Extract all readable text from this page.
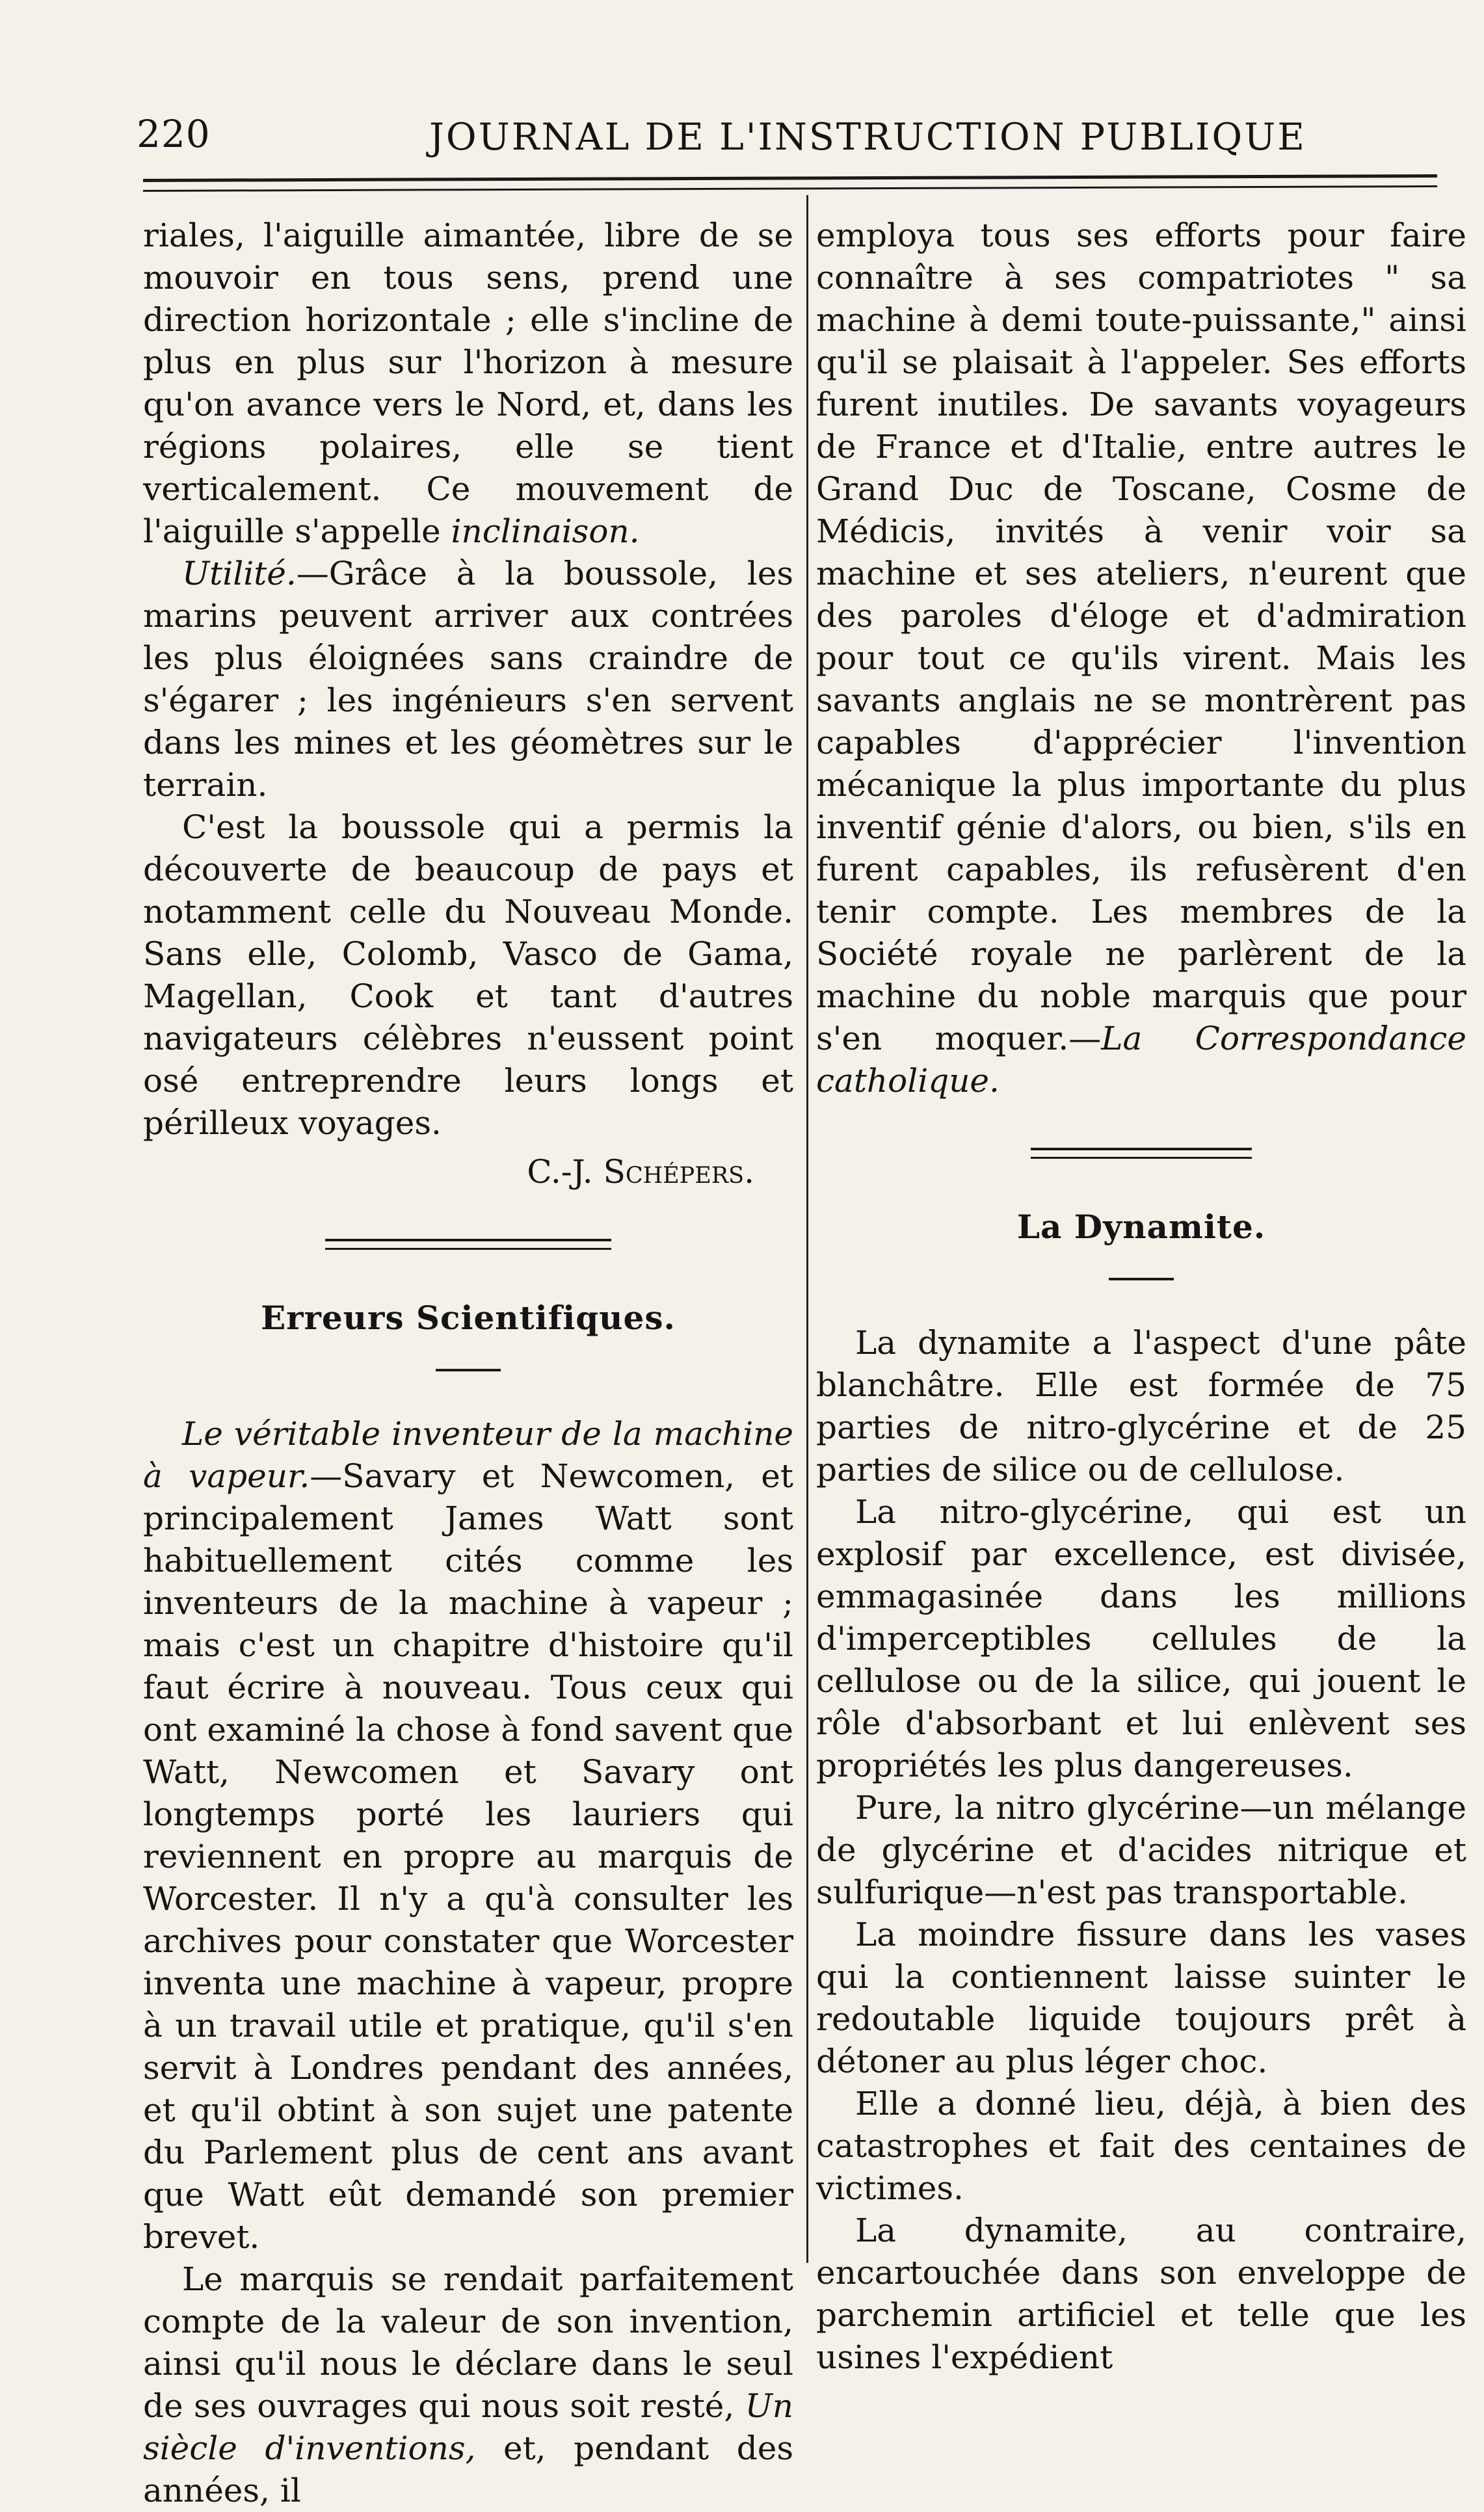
220	JOURNAL DE L'INSTRUCTION PUBLIQUE

riales, l'aiguille aimantée, libre de se mouvoir en tous sens, prend une direction horizontale ; elle s'incline de plus en plus sur l'horizon à mesure qu'on avance vers le Nord, et, dans les régions polaires, elle se tient verticalement. Ce mouvement de l'aiguille s'appelle inclinaison.

Utilité.—Grâce à la boussole, les marins peuvent arriver aux contrées les plus éloignées sans craindre de s'égarer ; les ingénieurs s'en servent dans les mines et les géomètres sur le terrain.

C'est la boussole qui a permis la découverte de beaucoup de pays et notamment celle du Nouveau Monde. Sans elle, Colomb, Vasco de Gama, Magellan, Cook et tant d'autres navigateurs célèbres n'eussent point osé entreprendre leurs longs et périlleux voyages.

C.-J. Schépers.

Erreurs Scientifiques.

Le véritable inventeur de la machine à vapeur.—Savary et Newcomen, et principalement James Watt sont habituellement cités comme les inventeurs de la machine à vapeur ; mais c'est un chapitre d'histoire qu'il faut écrire à nouveau. Tous ceux qui ont examiné la chose à fond savent que Watt, Newcomen et Savary ont longtemps porté les lauriers qui reviennent en propre au marquis de Worcester. Il n'y a qu'à consulter les archives pour constater que Worcester inventa une machine à vapeur, propre à un travail utile et pratique, qu'il s'en servit à Londres pendant des années, et qu'il obtint à son sujet une patente du Parlement plus de cent ans avant que Watt eût demandé son premier brevet.

Le marquis se rendait parfaitement compte de la valeur de son invention, ainsi qu'il nous le déclare dans le seul de ses ouvrages qui nous soit resté, Un siècle d'inventions, et, pendant des années, il

employa tous ses efforts pour faire connaître à ses compatriotes " sa machine à demi toute-puissante," ainsi qu'il se plaisait à l'appeler. Ses efforts furent inutiles. De savants voyageurs de France et d'Italie, entre autres le Grand Duc de Toscane, Cosme de Médicis, invités à venir voir sa machine et ses ateliers, n'eurent que des paroles d'éloge et d'admiration pour tout ce qu'ils virent. Mais les savants anglais ne se montrèrent pas capables d'apprécier l'invention mécanique la plus importante du plus inventif génie d'alors, ou bien, s'ils en furent capables, ils refusèrent d'en tenir compte. Les membres de la Société royale ne parlèrent de la machine du noble marquis que pour s'en moquer.—La Correspondance catholique.

La Dynamite.

La dynamite a l'aspect d'une pâte blanchâtre. Elle est formée de 75 parties de nitro-glycérine et de 25 parties de silice ou de cellulose.

La nitro-glycérine, qui est un explosif par excellence, est divisée, emmagasinée dans les millions d'imperceptibles cellules de la cellulose ou de la silice, qui jouent le rôle d'absorbant et lui enlèvent ses propriétés les plus dangereuses.

Pure, la nitro glycérine—un mélange de glycérine et d'acides nitrique et sulfurique—n'est pas transportable.

La moindre fissure dans les vases qui la contiennent laisse suinter le redoutable liquide toujours prêt à détoner au plus léger choc.

Elle a donné lieu, déjà, à bien des catastrophes et fait des centaines de victimes.

La dynamite, au contraire, encartouchée dans son enveloppe de parchemin artificiel et telle que les usines l'expédient
